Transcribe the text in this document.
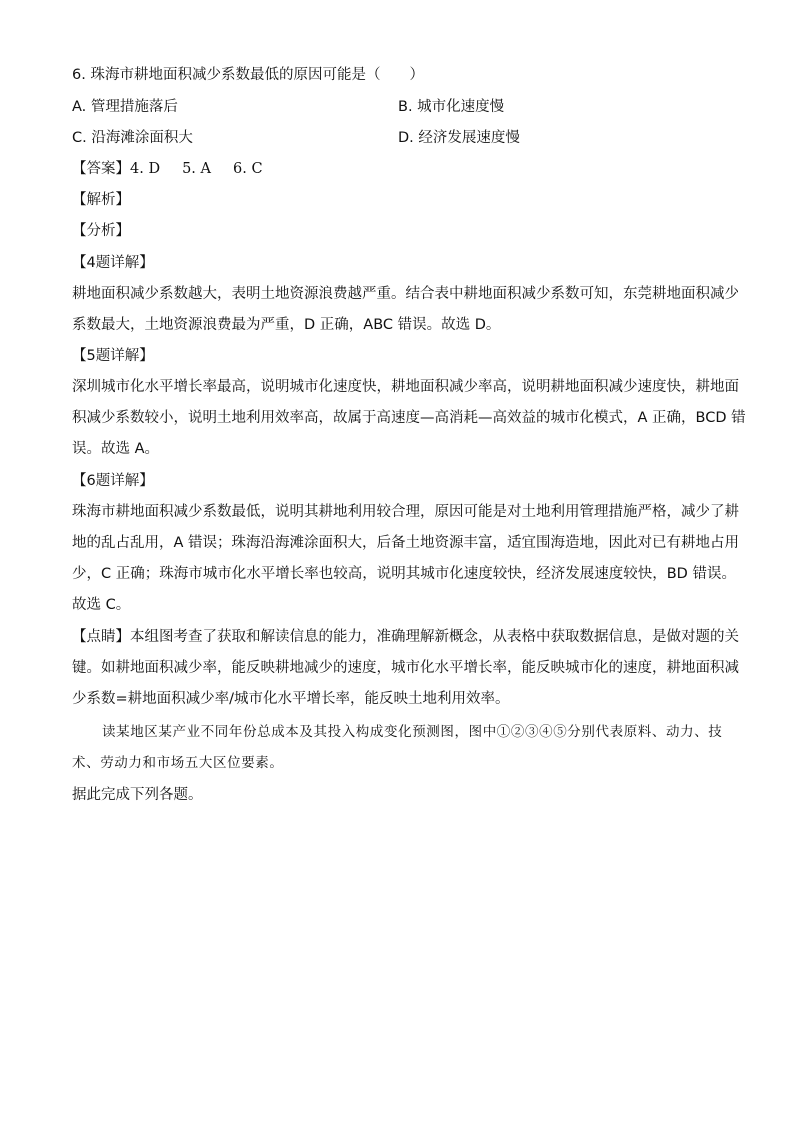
6. 珠海市耕地面积减少系数最低的原因可能是（　　）
A. 管理措施落后	B. 城市化速度慢
C. 沿海滩涂面积大	D. 经济发展速度慢
【答案】4. D 5. A 6. C
【解析】
【分析】
【4题详解】
耕地面积减少系数越大，表明土地资源浪费越严重。结合表中耕地面积减少系数可知，东莞耕地面积减少
系数最大，土地资源浪费最为严重，D 正确，ABC 错误。故选 D。
【5题详解】
深圳城市化水平增长率最高，说明城市化速度快，耕地面积减少率高，说明耕地面积减少速度快，耕地面
积减少系数较小，说明土地利用效率高，故属于高速度—高消耗—高效益的城市化模式，A 正确，BCD 错
误。故选 A。
【6题详解】
珠海市耕地面积减少系数最低，说明其耕地利用较合理，原因可能是对土地利用管理措施严格，减少了耕
地的乱占乱用，A 错误；珠海沿海滩涂面积大，后备土地资源丰富，适宜围海造地，因此对已有耕地占用
少，C 正确；珠海市城市化水平增长率也较高，说明其城市化速度较快，经济发展速度较快，BD 错误。
故选 C。
【点睛】本组图考查了获取和解读信息的能力，准确理解新概念，从表格中获取数据信息，是做对题的关
键。如耕地面积减少率，能反映耕地减少的速度，城市化水平增长率，能反映城市化的速度，耕地面积减
少系数=耕地面积减少率/城市化水平增长率，能反映土地利用效率。
读某地区某产业不同年份总成本及其投入构成变化预测图，图中①②③④⑤分别代表原料、动力、技
术、劳动力和市场五大区位要素。
据此完成下列各题。
